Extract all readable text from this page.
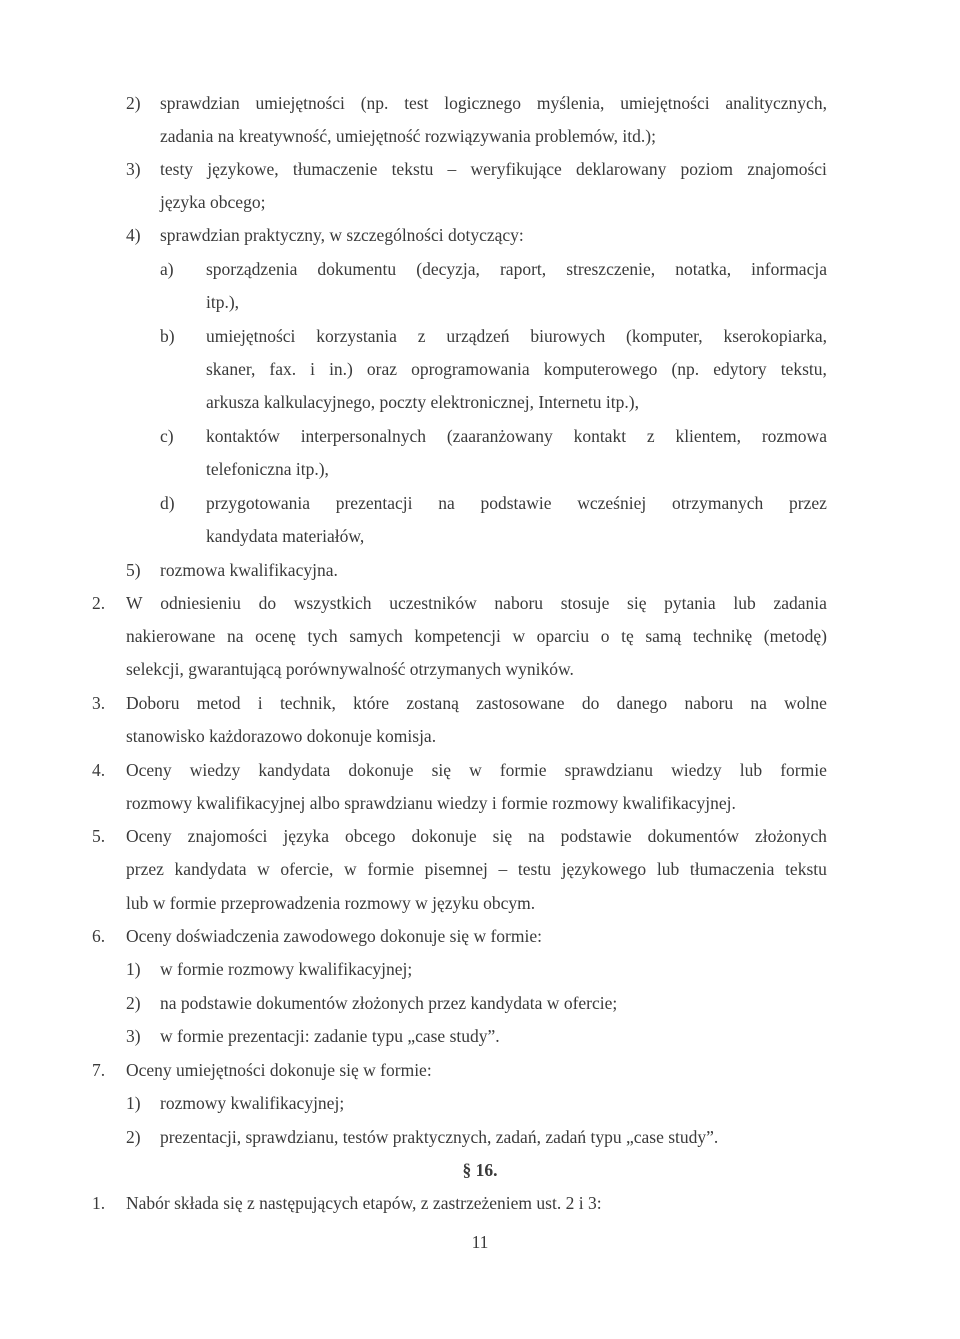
2) sprawdzian umiejętności (np. test logicznego myślenia, umiejętności analitycznych,
zadania na kreatywność, umiejętność rozwiązywania problemów, itd.);
3) testy językowe, tłumaczenie tekstu – weryfikujące deklarowany poziom znajomości
języka obcego;
4) sprawdzian praktyczny, w szczególności dotyczący:
a) sporządzenia dokumentu (decyzja, raport, streszczenie, notatka, informacja
itp.),
b) umiejętności korzystania z urządzeń biurowych (komputer, kserokopiarka,
skaner, fax. i in.) oraz oprogramowania komputerowego (np. edytory tekstu,
arkusza kalkulacyjnego, poczty elektronicznej, Internetu itp.),
c) kontaktów interpersonalnych (zaaranżowany kontakt z klientem, rozmowa
telefoniczna itp.),
d) przygotowania prezentacji na podstawie wcześniej otrzymanych przez
kandydata materiałów,
5) rozmowa kwalifikacyjna.
2. W odniesieniu do wszystkich uczestników naboru stosuje się pytania lub zadania
nakierowane na ocenę tych samych kompetencji w oparciu o tę samą technikę (metodę)
selekcji, gwarantującą porównywalność otrzymanych wyników.
3. Doboru metod i technik, które zostaną zastosowane do danego naboru na wolne
stanowisko każdorazowo dokonuje komisja.
4. Oceny wiedzy kandydata dokonuje się w formie sprawdzianu wiedzy lub formie
rozmowy kwalifikacyjnej albo sprawdzianu wiedzy i formie rozmowy kwalifikacyjnej.
5. Oceny znajomości języka obcego dokonuje się na podstawie dokumentów złożonych
przez kandydata w ofercie, w formie pisemnej – testu językowego lub tłumaczenia tekstu
lub w formie przeprowadzenia rozmowy w języku obcym.
6. Oceny doświadczenia zawodowego dokonuje się w formie:
1) w formie rozmowy kwalifikacyjnej;
2) na podstawie dokumentów złożonych przez kandydata w ofercie;
3) w formie prezentacji: zadanie typu „case study”.
7. Oceny umiejętności dokonuje się w formie:
1) rozmowy kwalifikacyjnej;
2) prezentacji, sprawdzianu, testów praktycznych, zadań, zadań typu „case study”.
§ 16.
1. Nabór składa się z następujących etapów, z zastrzeżeniem ust. 2 i 3:
11
